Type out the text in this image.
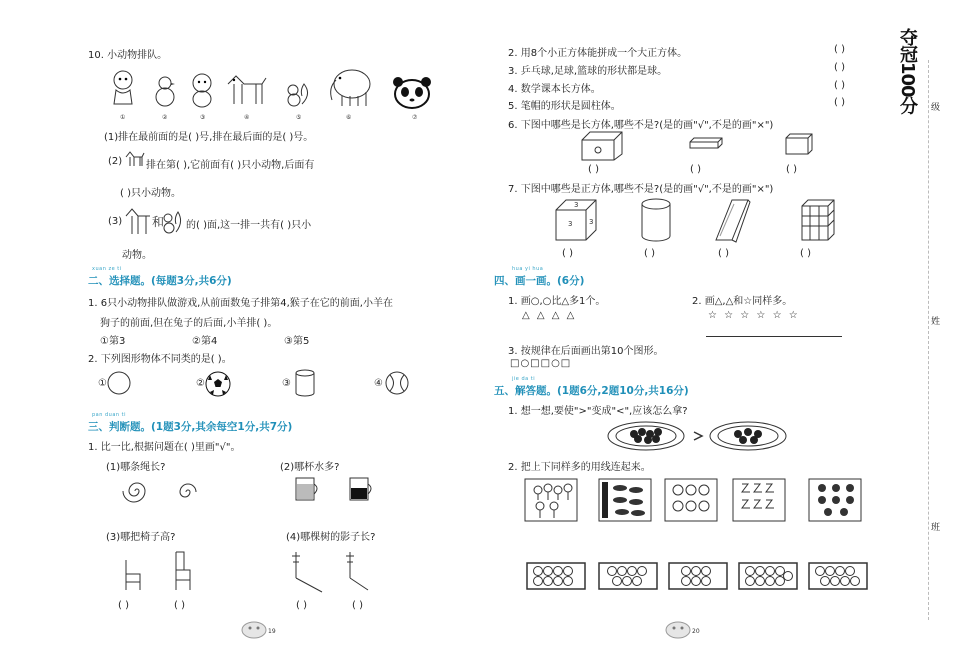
10. 小动物排队。
①	②	③	④	⑤	⑥	⑦
(1)排在最前面的是( )号,排在最后面的是( )号。
(2) 排在第( ),它前面有( )只小动物,后面有
( )只小动物。
(3) 和 的( )面,这一排一共有( )只小
动物。
xuan ze ti
二、选择题。(每题3分,共6分)
1. 6只小动物排队做游戏,从前面数兔子排第4,猴子在它的前面,小羊在
狗子的前面,但在兔子的后面,小羊排( )。
①第3	②第4	③第5
2. 下列图形物体不同类的是( )。
①	②	③	④
pan duan ti
三、判断题。(1题3分,其余每空1分,共7分)
1. 比一比,根据问题在( )里画"√"。
(1)哪条绳长?	(2)哪杯水多?
(3)哪把椅子高?	(4)哪棵树的影子长?
( )	( )	( )	( )
19
2. 用8个小正方体能拼成一个大正方体。	( )
3. 乒乓球,足球,篮球的形状都是球。	( )
4. 数学课本长方体。	( )
5. 笔帽的形状是圆柱体。	( )
6. 下图中哪些是长方体,哪些不是?(是的画"√",不是的画"×")
( )	( )	( )
7. 下图中哪些是正方体,哪些不是?(是的画"√",不是的画"×")
3
3
3
( )	( )	( )	( )
hua yi hua
四、画一画。(6分)
1. 画○,○比△多1个。
△ △ △ △
2. 画△,△和☆同样多。
☆ ☆ ☆ ☆ ☆ ☆
3. 按规律在后面画出第10个图形。
□○□□○□
jie da ti
五、解答题。(1题6分,2题10分,共16分)
1. 想一想,要使">"变成"<",应该怎么拿?
2. 把上下同样多的用线连起来。
20
夺冠100分 级
姓
班
